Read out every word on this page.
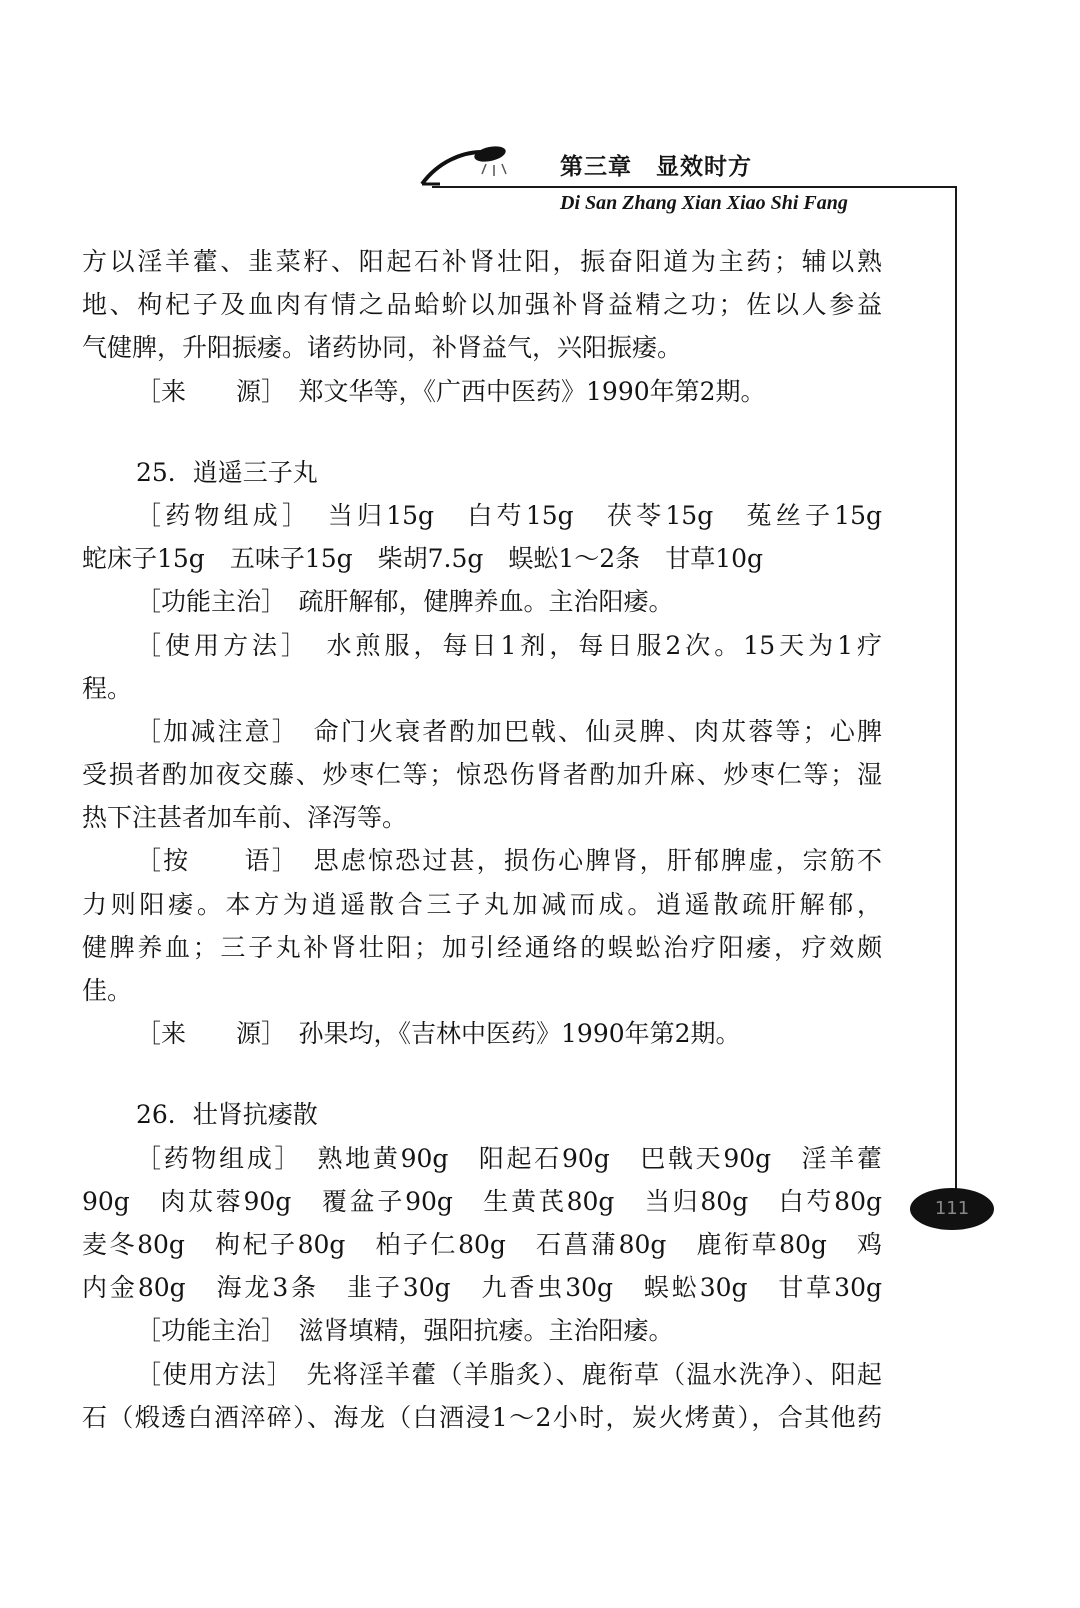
第三章　显效时方
Di San Zhang Xian Xiao Shi Fang
111
方以淫羊藿、韭菜籽、阳起石补肾壮阳，振奋阳道为主药；辅以熟
地、枸杞子及血肉有情之品蛤蚧以加强补肾益精之功；佐以人参益
气健脾，升阳振痿。诸药协同，补肾益气，兴阳振痿。
［来　　源］　郑文华等，《广西中医药》1990年第2期。
25．逍遥三子丸
［药物组成］　当归15g　白芍15g　茯苓15g　菟丝子15g
蛇床子15g　五味子15g　柴胡7.5g　蜈蚣1～2条　甘草10g
［功能主治］　疏肝解郁，健脾养血。主治阳痿。
［使用方法］　水煎服，每日1剂，每日服2次。15天为1疗
程。
［加减注意］　命门火衰者酌加巴戟、仙灵脾、肉苁蓉等；心脾
受损者酌加夜交藤、炒枣仁等；惊恐伤肾者酌加升麻、炒枣仁等；湿
热下注甚者加车前、泽泻等。
［按　　语］　思虑惊恐过甚，损伤心脾肾，肝郁脾虚，宗筋不
力则阳痿。本方为逍遥散合三子丸加减而成。逍遥散疏肝解郁，
健脾养血；三子丸补肾壮阳；加引经通络的蜈蚣治疗阳痿，疗效颇
佳。
［来　　源］　孙果均，《吉林中医药》1990年第2期。
26．壮肾抗痿散
［药物组成］　熟地黄90g　阳起石90g　巴戟天90g　淫羊藿
90g　肉苁蓉90g　覆盆子90g　生黄芪80g　当归80g　白芍80g
麦冬80g　枸杞子80g　柏子仁80g　石菖蒲80g　鹿衔草80g　鸡
内金80g　海龙3条　韭子30g　九香虫30g　蜈蚣30g　甘草30g
［功能主治］　滋肾填精，强阳抗痿。主治阳痿。
［使用方法］　先将淫羊藿（羊脂炙）、鹿衔草（温水洗净）、阳起
石（煅透白酒淬碎）、海龙（白酒浸1～2小时，炭火烤黄），合其他药
